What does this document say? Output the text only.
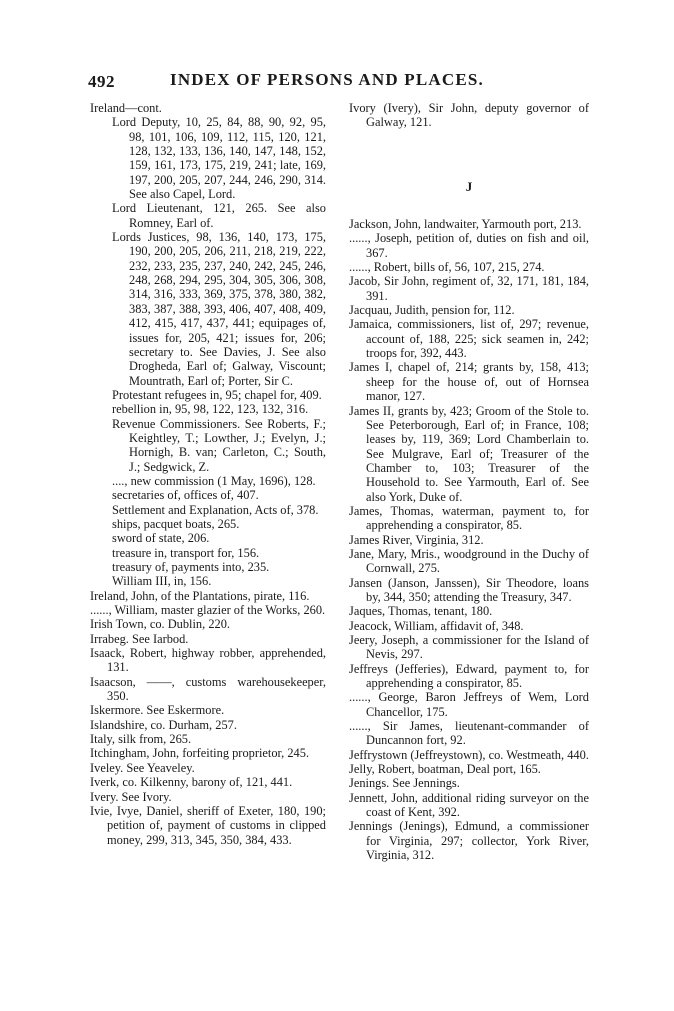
492	INDEX OF PERSONS AND PLACES.

Ireland—cont.

Lord Deputy, 10, 25, 84, 88, 90, 92, 95, 98, 101, 106, 109, 112, 115, 120, 121, 128, 132, 133, 136, 140, 147, 148, 152, 159, 161, 173, 175, 219, 241; late, 169, 197, 200, 205, 207, 244, 246, 290, 314. See also Capel, Lord.

Lord Lieutenant, 121, 265. See also Romney, Earl of.

Lords Justices, 98, 136, 140, 173, 175, 190, 200, 205, 206, 211, 218, 219, 222, 232, 233, 235, 237, 240, 242, 245, 246, 248, 268, 294, 295, 304, 305, 306, 308, 314, 316, 333, 369, 375, 378, 380, 382, 383, 387, 388, 393, 406, 407, 408, 409, 412, 415, 417, 437, 441; equipages of, issues for, 205, 421; issues for, 206; secretary to. See Davies, J. See also Drogheda, Earl of; Galway, Viscount; Mountrath, Earl of; Porter, Sir C.

Protestant refugees in, 95; chapel for, 409.

rebellion in, 95, 98, 122, 123, 132, 316.

Revenue Commissioners. See Roberts, F.; Keightley, T.; Lowther, J.; Evelyn, J.; Hornigh, B. van; Carleton, C.; South, J.; Sedgwick, Z.

...., new commission (1 May, 1696), 128.

secretaries of, offices of, 407.

Settlement and Explanation, Acts of, 378.

ships, pacquet boats, 265.

sword of state, 206.

treasure in, transport for, 156.

treasury of, payments into, 235.

William III, in, 156.

Ireland, John, of the Plantations, pirate, 116.

......, William, master glazier of the Works, 260.

Irish Town, co. Dublin, 220.

Irrabeg. See Iarbod.

Isaack, Robert, highway robber, apprehended, 131.

Isaacson, ——, customs warehousekeeper, 350.

Iskermore. See Eskermore.

Islandshire, co. Durham, 257.

Italy, silk from, 265.

Itchingham, John, forfeiting proprietor, 245.

Iveley. See Yeaveley.

Iverk, co. Kilkenny, barony of, 121, 441.

Ivery. See Ivory.

Ivie, Ivye, Daniel, sheriff of Exeter, 180, 190; petition of, payment of customs in clipped money, 299, 313, 345, 350, 384, 433.

Ivory (Ivery), Sir John, deputy governor of Galway, 121.

J

Jackson, John, landwaiter, Yarmouth port, 213.

......, Joseph, petition of, duties on fish and oil, 367.

......, Robert, bills of, 56, 107, 215, 274.

Jacob, Sir John, regiment of, 32, 171, 181, 184, 391.

Jacquau, Judith, pension for, 112.

Jamaica, commissioners, list of, 297; revenue, account of, 188, 225; sick seamen in, 242; troops for, 392, 443.

James I, chapel of, 214; grants by, 158, 413; sheep for the house of, out of Hornsea manor, 127.

James II, grants by, 423; Groom of the Stole to. See Peterborough, Earl of; in France, 108; leases by, 119, 369; Lord Chamberlain to. See Mulgrave, Earl of; Treasurer of the Chamber to, 103; Treasurer of the Household to. See Yarmouth, Earl of. See also York, Duke of.

James, Thomas, waterman, payment to, for apprehending a conspirator, 85.

James River, Virginia, 312.

Jane, Mary, Mris., woodground in the Duchy of Cornwall, 275.

Jansen (Janson, Janssen), Sir Theodore, loans by, 344, 350; attending the Treasury, 347.

Jaques, Thomas, tenant, 180.

Jeacock, William, affidavit of, 348.

Jeery, Joseph, a commissioner for the Island of Nevis, 297.

Jeffreys (Jefferies), Edward, payment to, for apprehending a conspirator, 85.

......, George, Baron Jeffreys of Wem, Lord Chancellor, 175.

......, Sir James, lieutenant-commander of Duncannon fort, 92.

Jeffrystown (Jeffreystown), co. Westmeath, 440.

Jelly, Robert, boatman, Deal port, 165.

Jenings. See Jennings.

Jennett, John, additional riding surveyor on the coast of Kent, 392.

Jennings (Jenings), Edmund, a commissioner for Virginia, 297; collector, York River, Virginia, 312.
